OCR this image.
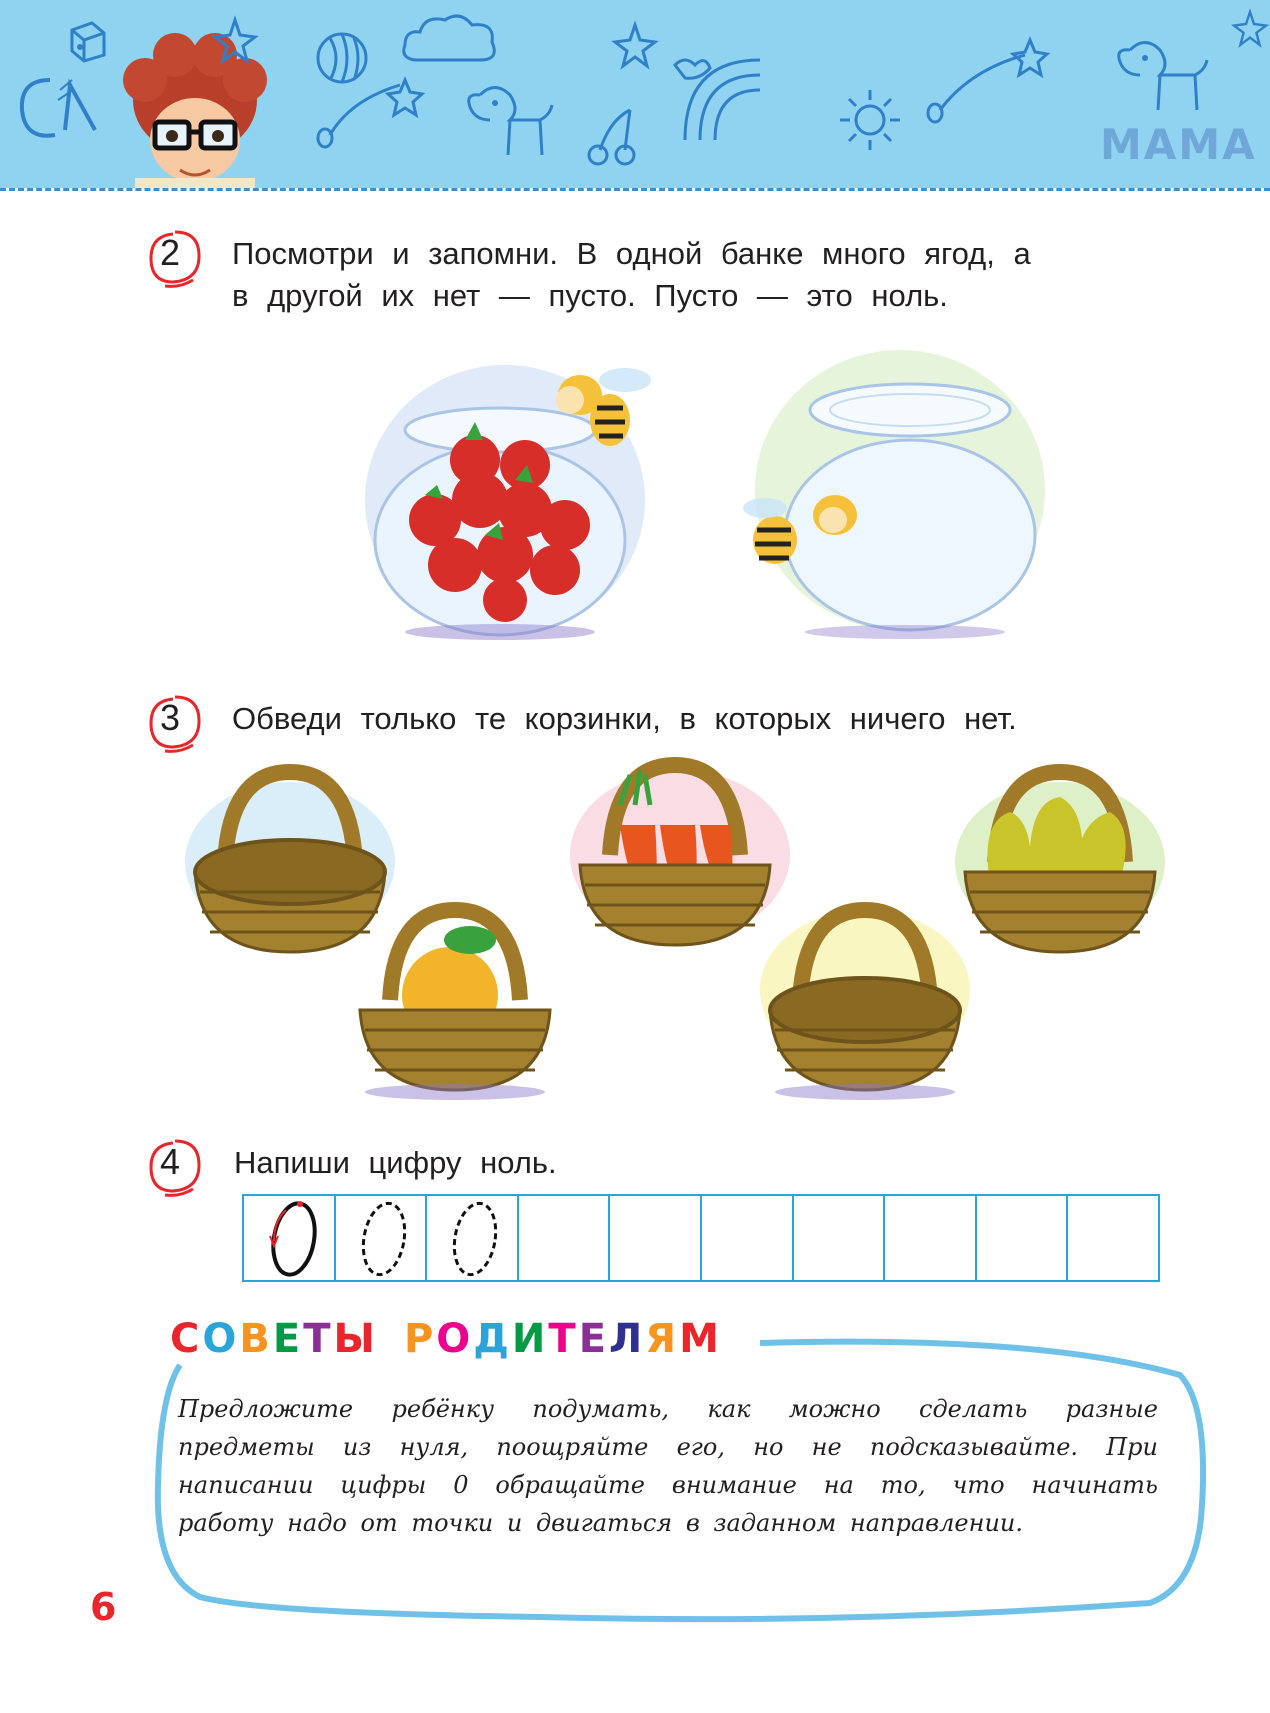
МАМА
2	Посмотри и запомни. В одной банке много ягод, а
в другой их нет — пусто. Пусто — это ноль.
3	Обведи только те корзинки, в которых ничего нет.
4	Напиши цифру ноль.
СОВЕТЫ РОДИТЕЛЯМ
Предложите ребёнку подумать, как можно сделать разные предметы из нуля, поощряйте его, но не подсказывайте. При написании цифры 0 обращайте внимание на то, что начинать работу надо от точки и двигаться в заданном направлении.
6
